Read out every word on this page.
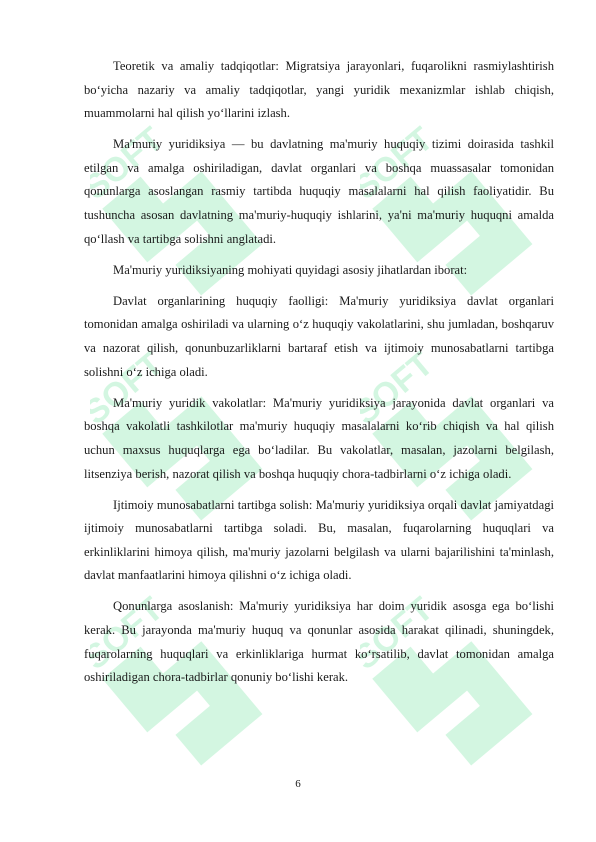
SOFT	SOFT
SOFT	SOFT
SOFT	SOFT

Teoretik va amaliy tadqiqotlar: Migratsiya jarayonlari, fuqarolikni rasmiylashtirish bo‘yicha nazariy va amaliy tadqiqotlar, yangi yuridik mexanizmlar ishlab chiqish, muammolarni hal qilish yo‘llarini izlash.

Ma'muriy yuridiksiya — bu davlatning ma'muriy huquqiy tizimi doirasida tashkil etilgan va amalga oshiriladigan, davlat organlari va boshqa muassasalar tomonidan qonunlarga asoslangan rasmiy tartibda huquqiy masalalarni hal qilish faoliyatidir. Bu tushuncha asosan davlatning ma'muriy-huquqiy ishlarini, ya'ni ma'muriy huquqni amalda qo‘llash va tartibga solishni anglatadi.

Ma'muriy yuridiksiyaning mohiyati quyidagi asosiy jihatlardan iborat:

Davlat organlarining huquqiy faolligi: Ma'muriy yuridiksiya davlat organlari tomonidan amalga oshiriladi va ularning o‘z huquqiy vakolatlarini, shu jumladan, boshqaruv va nazorat qilish, qonunbuzarliklarni bartaraf etish va ijtimoiy munosabatlarni tartibga solishni o‘z ichiga oladi.

Ma'muriy yuridik vakolatlar: Ma'muriy yuridiksiya jarayonida davlat organlari va boshqa vakolatli tashkilotlar ma'muriy huquqiy masalalarni ko‘rib chiqish va hal qilish uchun maxsus huquqlarga ega bo‘ladilar. Bu vakolatlar, masalan, jazolarni belgilash, litsenziya berish, nazorat qilish va boshqa huquqiy chora-tadbirlarni o‘z ichiga oladi.

Ijtimoiy munosabatlarni tartibga solish: Ma'muriy yuridiksiya orqali davlat jamiyatdagi ijtimoiy munosabatlarni tartibga soladi. Bu, masalan, fuqarolarning huquqlari va erkinliklarini himoya qilish, ma'muriy jazolarni belgilash va ularni bajarilishini ta'minlash, davlat manfaatlarini himoya qilishni o‘z ichiga oladi.

Qonunlarga asoslanish: Ma'muriy yuridiksiya har doim yuridik asosga ega bo‘lishi kerak. Bu jarayonda ma'muriy huquq va qonunlar asosida harakat qilinadi, shuningdek, fuqarolarning huquqlari va erkinliklariga hurmat ko‘rsatilib, davlat tomonidan amalga oshiriladigan chora-tadbirlar qonuniy bo‘lishi kerak.

6
